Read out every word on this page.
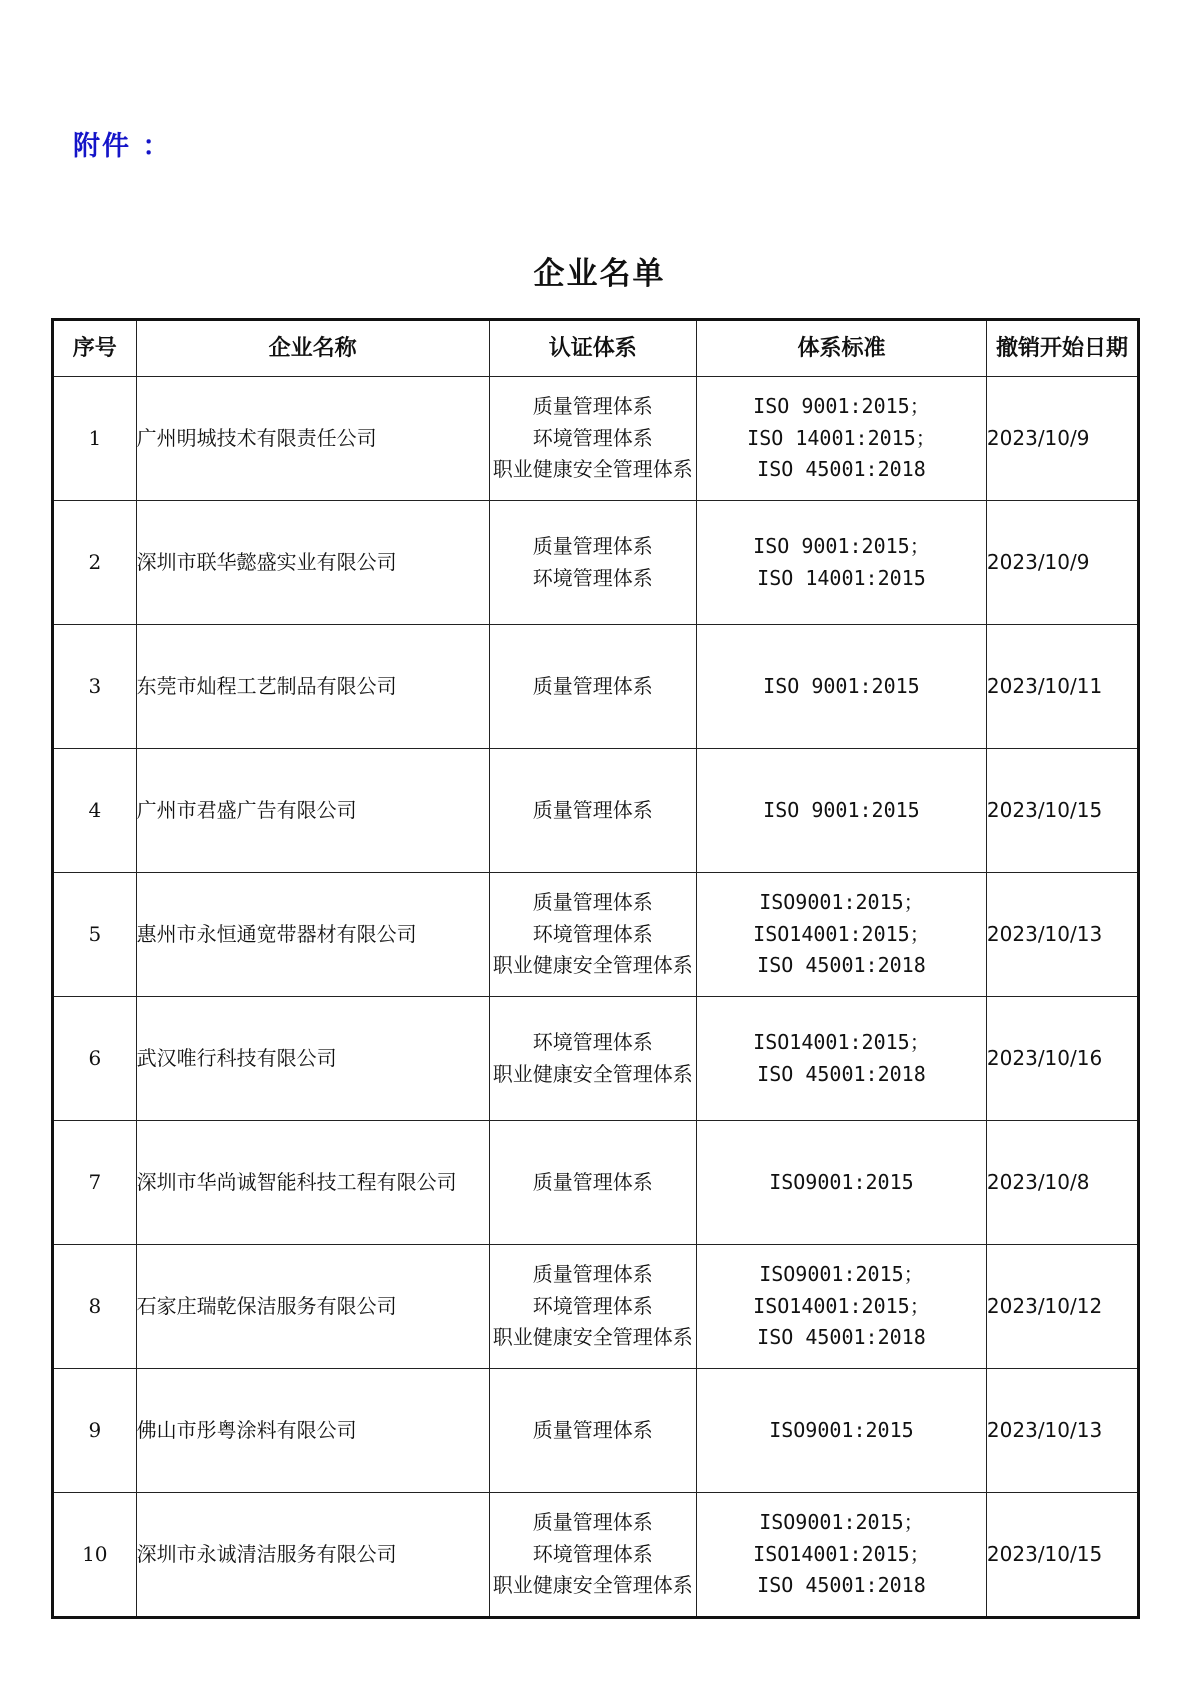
附件 ：
企业名单
序号	企业名称	认证体系	体系标准	撤销开始日期

1	广州明城技术有限责任公司	质量管理体系
环境管理体系
职业健康安全管理体系	ISO 9001:2015；
ISO 14001:2015；
ISO 45001:2018	2023/10/9

2	深圳市联华懿盛实业有限公司	质量管理体系
环境管理体系	ISO 9001:2015；
ISO 14001:2015	2023/10/9

3	东莞市灿程工艺制品有限公司	质量管理体系	ISO 9001:2015	2023/10/11

4	广州市君盛广告有限公司	质量管理体系	ISO 9001:2015	2023/10/15

5	惠州市永恒通宽带器材有限公司	质量管理体系
环境管理体系
职业健康安全管理体系	ISO9001:2015；
ISO14001:2015；
ISO 45001:2018	2023/10/13

6	武汉唯行科技有限公司	环境管理体系
职业健康安全管理体系	ISO14001:2015；
ISO 45001:2018	2023/10/16

7	深圳市华尚诚智能科技工程有限公司	质量管理体系	ISO9001:2015	2023/10/8

8	石家庄瑞乾保洁服务有限公司	质量管理体系
环境管理体系
职业健康安全管理体系	ISO9001:2015；
ISO14001:2015；
ISO 45001:2018	2023/10/12

9	佛山市彤粤涂料有限公司	质量管理体系	ISO9001:2015	2023/10/13

10	深圳市永诚清洁服务有限公司	质量管理体系
环境管理体系
职业健康安全管理体系	ISO9001:2015；
ISO14001:2015；
ISO 45001:2018	2023/10/15
